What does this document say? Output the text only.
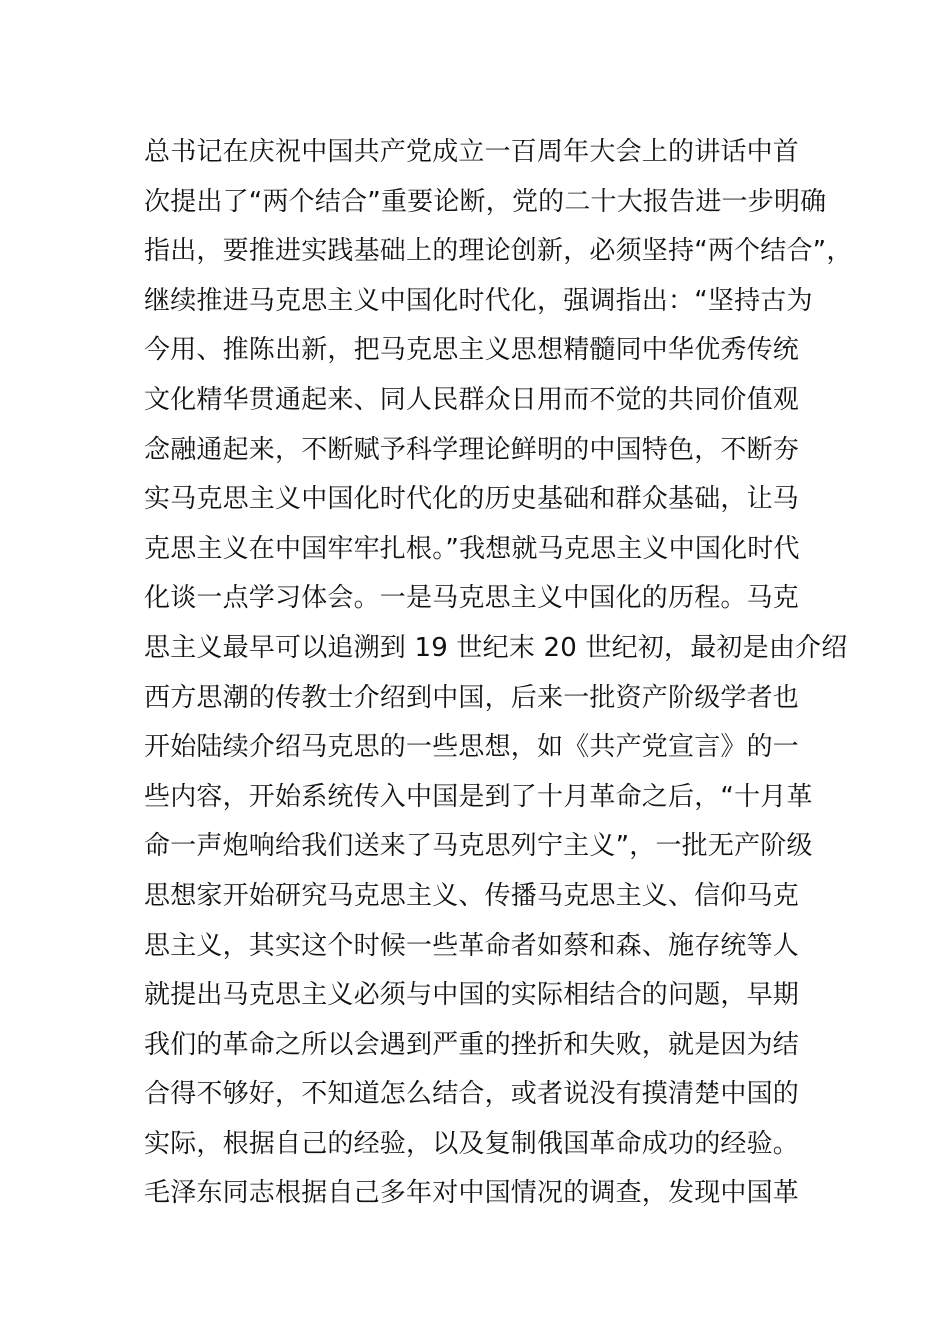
总书记在庆祝中国共产党成立一百周年大会上的讲话中首
次提出了“两个结合”重要论断，党的二十大报告进一步明确
指出，要推进实践基础上的理论创新，必须坚持“两个结合”，
继续推进马克思主义中国化时代化，强调指出：“坚持古为
今用、推陈出新，把马克思主义思想精髓同中华优秀传统
文化精华贯通起来、同人民群众日用而不觉的共同价值观
念融通起来，不断赋予科学理论鲜明的中国特色，不断夯
实马克思主义中国化时代化的历史基础和群众基础，让马
克思主义在中国牢牢扎根。”我想就马克思主义中国化时代
化谈一点学习体会。一是马克思主义中国化的历程。马克
思主义最早可以追溯到 19 世纪末 20 世纪初，最初是由介绍
西方思潮的传教士介绍到中国，后来一批资产阶级学者也
开始陆续介绍马克思的一些思想，如《共产党宣言》的一
些内容，开始系统传入中国是到了十月革命之后，“十月革
命一声炮响给我们送来了马克思列宁主义”，一批无产阶级
思想家开始研究马克思主义、传播马克思主义、信仰马克
思主义，其实这个时候一些革命者如蔡和森、施存统等人
就提出马克思主义必须与中国的实际相结合的问题，早期
我们的革命之所以会遇到严重的挫折和失败，就是因为结
合得不够好，不知道怎么结合，或者说没有摸清楚中国的
实际，根据自己的经验，以及复制俄国革命成功的经验。
毛泽东同志根据自己多年对中国情况的调查，发现中国革
